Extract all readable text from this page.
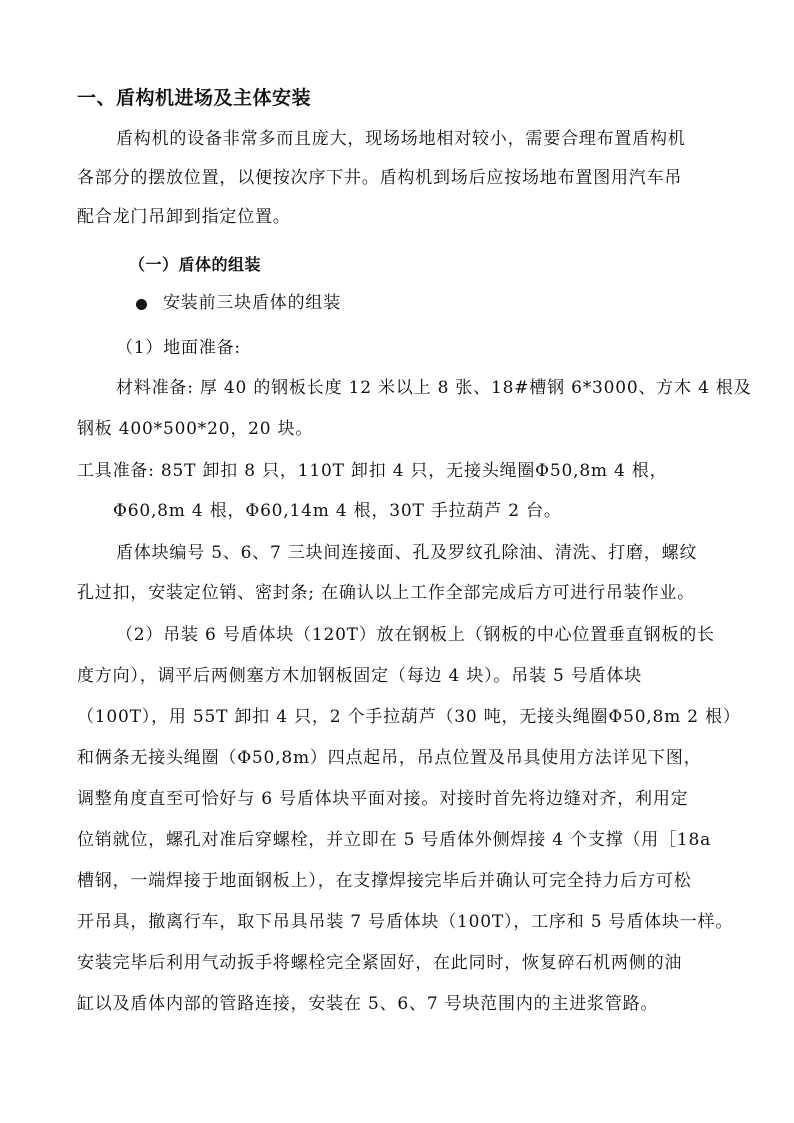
一、盾构机进场及主体安装
盾构机的设备非常多而且庞大，现场场地相对较小，需要合理布置盾构机
各部分的摆放位置，以便按次序下井。盾构机到场后应按场地布置图用汽车吊
配合龙门吊卸到指定位置。
（一）盾体的组装
安装前三块盾体的组装
（1）地面准备:
材料准备: 厚 40 的钢板长度 12 米以上 8 张、18#槽钢 6*3000、方木 4 根及
钢板 400*500*20，20 块。
工具准备: 85T 卸扣 8 只，110T 卸扣 4 只，无接头绳圈Φ50,8m 4 根，
Φ60,8m 4 根，Φ60,14m 4 根，30T 手拉葫芦 2 台。
盾体块编号 5、6、7 三块间连接面、孔及罗纹孔除油、清洗、打磨，螺纹
孔过扣，安装定位销、密封条; 在确认以上工作全部完成后方可进行吊装作业。
（2）吊装 6 号盾体块（120T）放在钢板上（钢板的中心位置垂直钢板的长
度方向），调平后两侧塞方木加钢板固定（每边 4 块）。吊装 5 号盾体块
（100T），用 55T 卸扣 4 只，2 个手拉葫芦（30 吨，无接头绳圈Φ50,8m 2 根）
和俩条无接头绳圈（Φ50,8m）四点起吊，吊点位置及吊具使用方法详见下图，
调整角度直至可恰好与 6 号盾体块平面对接。对接时首先将边缝对齐，利用定
位销就位，螺孔对准后穿螺栓，并立即在 5 号盾体外侧焊接 4 个支撑（用［18a
槽钢，一端焊接于地面钢板上），在支撑焊接完毕后并确认可完全持力后方可松
开吊具，撤离行车，取下吊具吊装 7 号盾体块（100T），工序和 5 号盾体块一样。
安装完毕后利用气动扳手将螺栓完全紧固好，在此同时，恢复碎石机两侧的油
缸以及盾体内部的管路连接，安装在 5、6、7 号块范围内的主进浆管路。
